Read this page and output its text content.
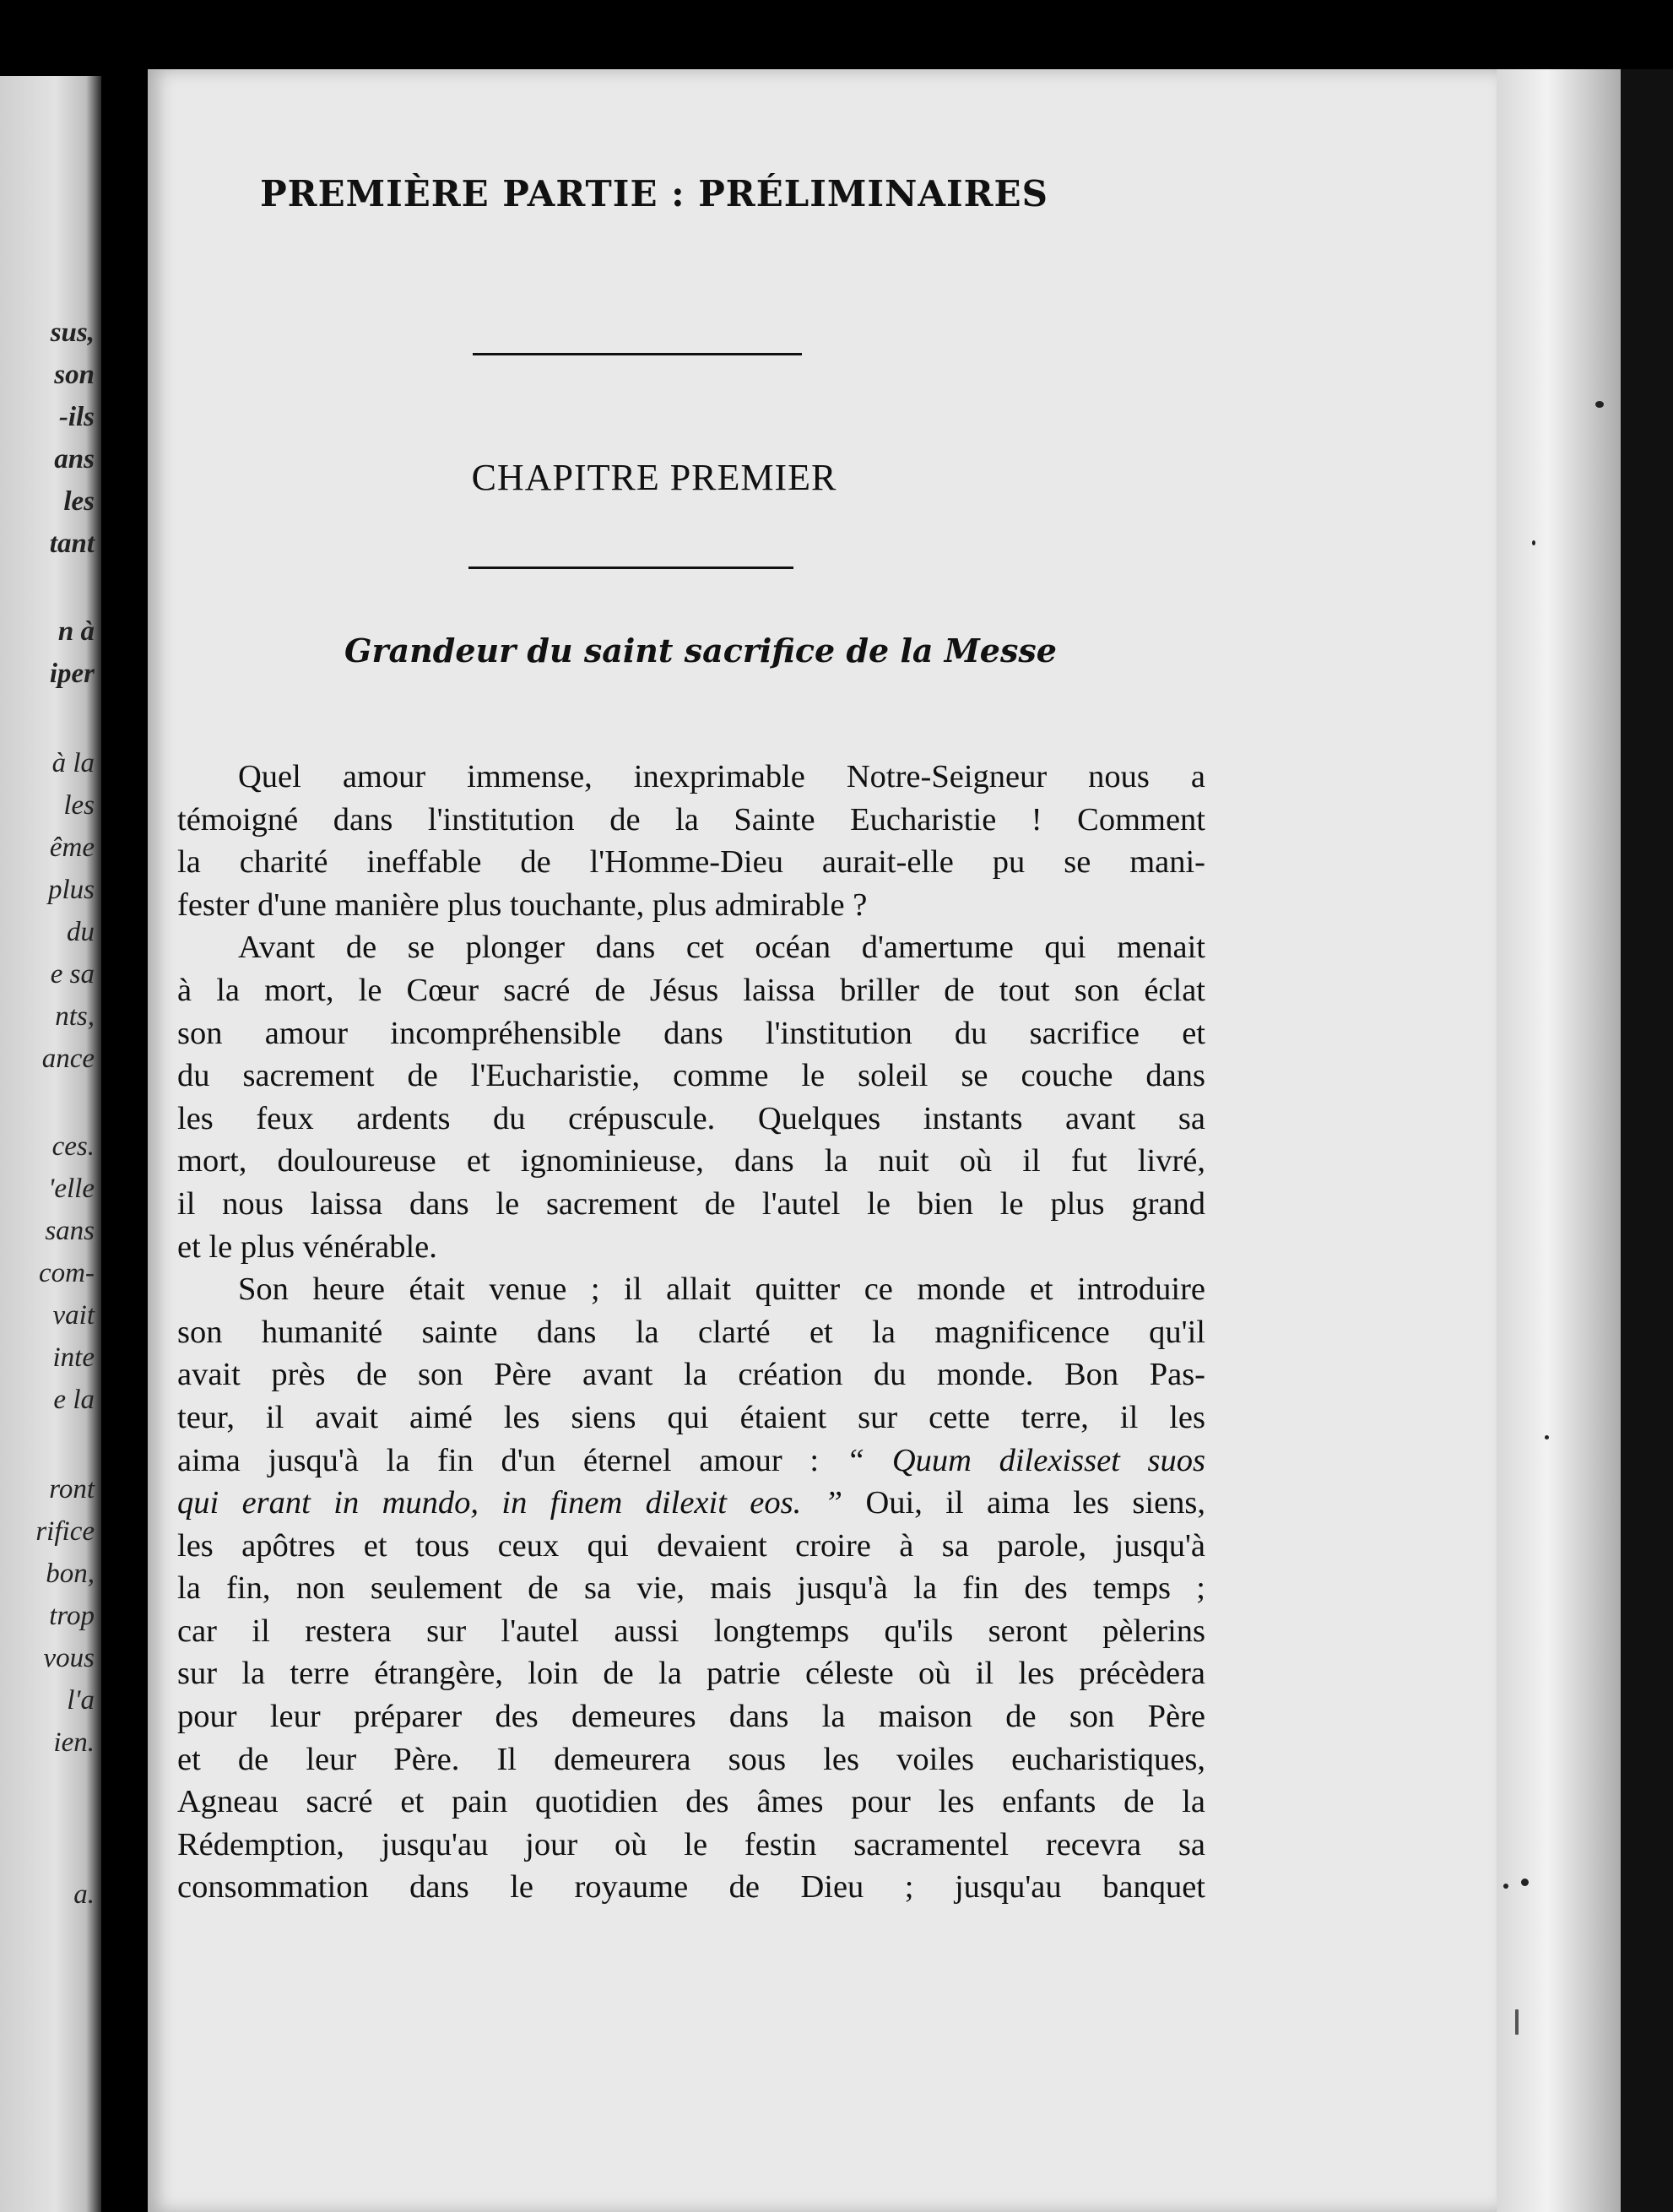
sus,
son
-ils
ans
les
tant
n à
iper
à la
les
ême
plus
du
e sa
nts,
ance
ces.
'elle
sans
com-
vait
inte
e la
ront
rifice
bon,
trop
vous
l'a
ien.
a.
PREMIÈRE PARTIE : PRÉLIMINAIRES
CHAPITRE PREMIER
Grandeur du saint sacrifice de la Messe
Quel amour immense, inexprimable Notre-Seigneur nous a
témoigné dans l'institution de la Sainte Eucharistie ! Comment
la charité ineffable de l'Homme-Dieu aurait-elle pu se mani-
fester d'une manière plus touchante, plus admirable ?
Avant de se plonger dans cet océan d'amertume qui menait
à la mort, le Cœur sacré de Jésus laissa briller de tout son éclat
son amour incompréhensible dans l'institution du sacrifice et
du sacrement de l'Eucharistie, comme le soleil se couche dans
les feux ardents du crépuscule. Quelques instants avant sa
mort, douloureuse et ignominieuse, dans la nuit où il fut livré,
il nous laissa dans le sacrement de l'autel le bien le plus grand
et le plus vénérable.
Son heure était venue ; il allait quitter ce monde et introduire
son humanité sainte dans la clarté et la magnificence qu'il
avait près de son Père avant la création du monde. Bon Pas-
teur, il avait aimé les siens qui étaient sur cette terre, il les
aima jusqu'à la fin d'un éternel amour : “ Quum dilexisset suos
qui erant in mundo, in finem dilexit eos. ” Oui, il aima les siens,
les apôtres et tous ceux qui devaient croire à sa parole, jusqu'à
la fin, non seulement de sa vie, mais jusqu'à la fin des temps ;
car il restera sur l'autel aussi longtemps qu'ils seront pèlerins
sur la terre étrangère, loin de la patrie céleste où il les précèdera
pour leur préparer des demeures dans la maison de son Père
et de leur Père. Il demeurera sous les voiles eucharistiques,
Agneau sacré et pain quotidien des âmes pour les enfants de la
Rédemption, jusqu'au jour où le festin sacramentel recevra sa
consommation dans le royaume de Dieu ; jusqu'au banquet
